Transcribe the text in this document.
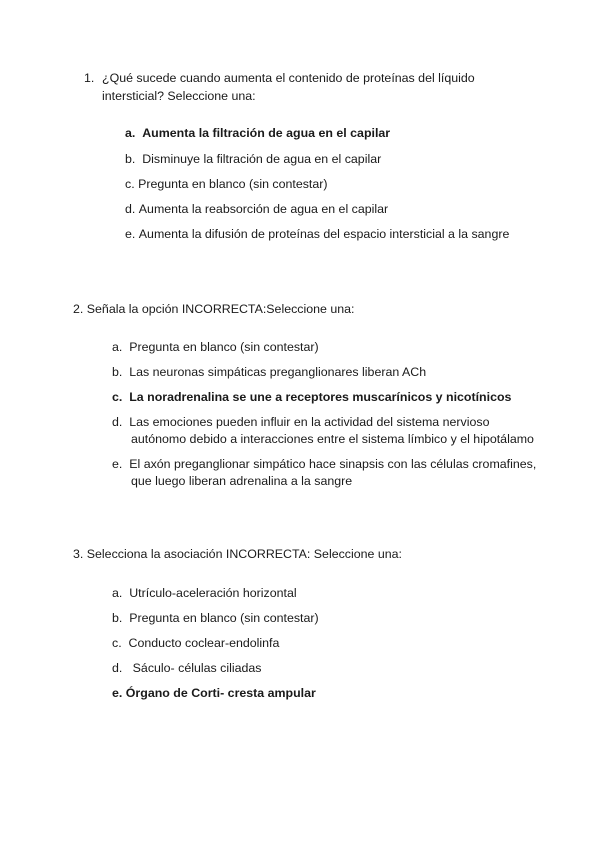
1. ¿Qué sucede cuando aumenta el contenido de proteínas del líquido
intersticial? Seleccione una:
a. Aumenta la filtración de agua en el capilar
b. Disminuye la filtración de agua en el capilar
c. Pregunta en blanco (sin contestar)
d. Aumenta la reabsorción de agua en el capilar
e. Aumenta la difusión de proteínas del espacio intersticial a la sangre
2. Señala la opción INCORRECTA:Seleccione una:
a. Pregunta en blanco (sin contestar)
b. Las neuronas simpáticas preganglionares liberan ACh
c. La noradrenalina se une a receptores muscarínicos y nicotínicos
d. Las emociones pueden influir en la actividad del sistema nervioso
autónomo debido a interacciones entre el sistema límbico y el hipotálamo
e. El axón preganglionar simpático hace sinapsis con las células cromafines,
que luego liberan adrenalina a la sangre
3. Selecciona la asociación INCORRECTA: Seleccione una:
a. Utrículo-aceleración horizontal
b. Pregunta en blanco (sin contestar)
c. Conducto coclear-endolinfa
d. Sáculo- células ciliadas
e. Órgano de Corti- cresta ampular
